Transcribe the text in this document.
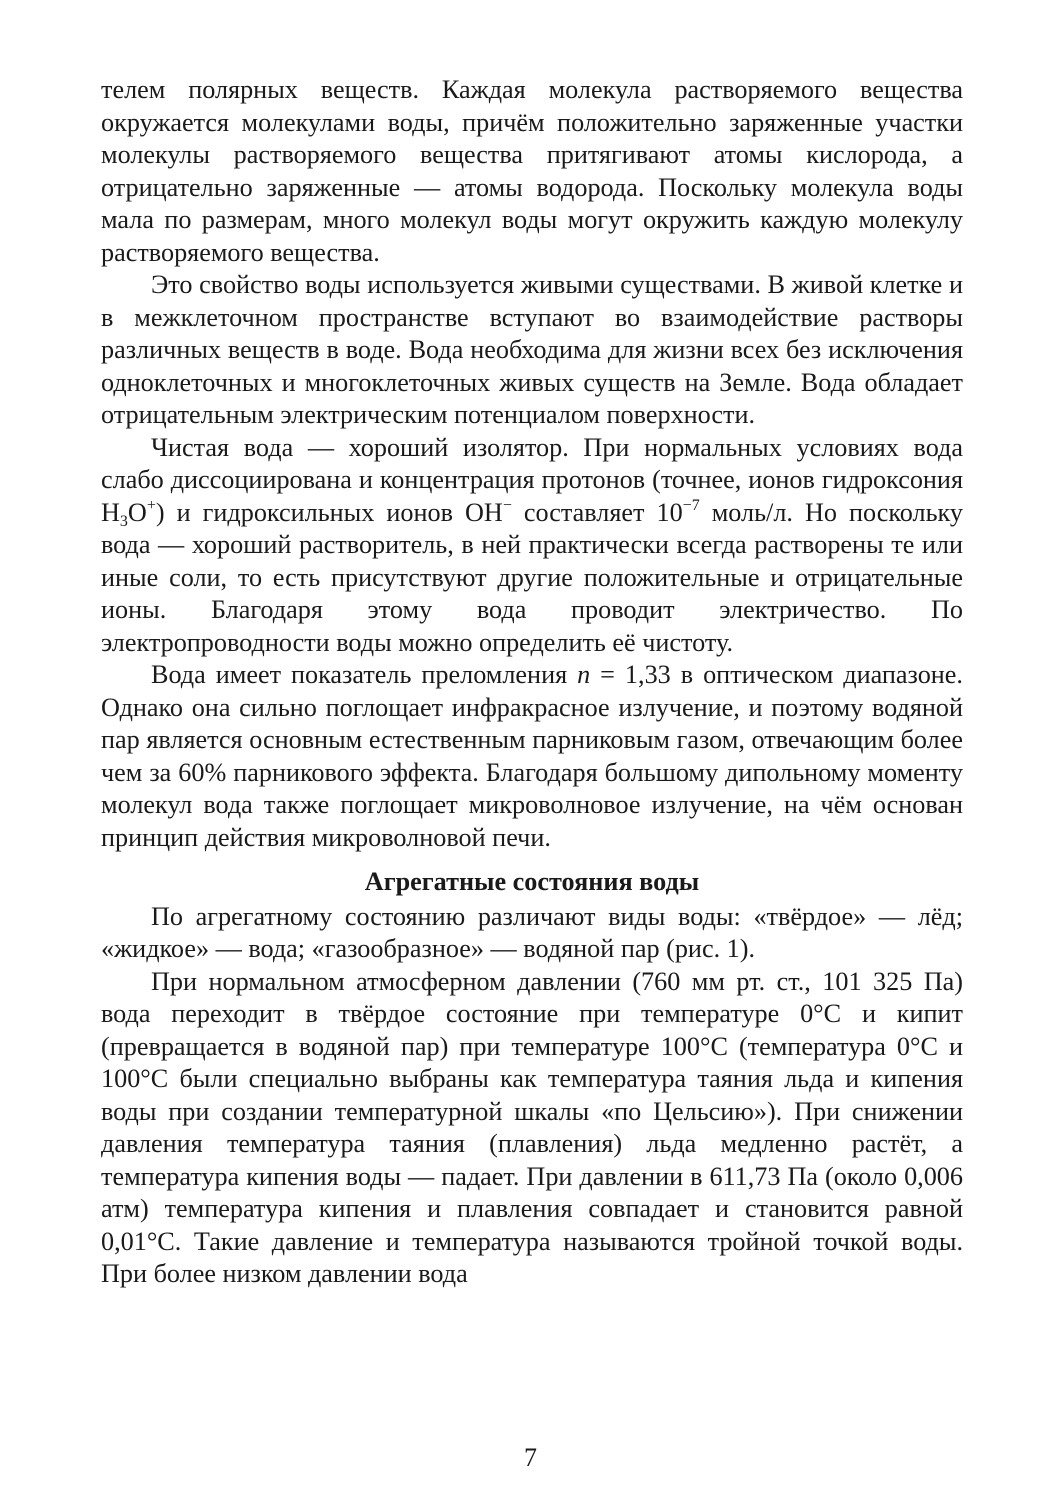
телем полярных веществ. Каждая молекула растворяемого вещества окружается молекулами воды, причём положительно заряженные участки молекулы растворяемого вещества притягивают атомы кислорода, а отрицательно заряженные — атомы водорода. Поскольку молекула воды мала по размерам, много молекул воды могут окружить каждую молекулу растворяемого вещества.

Это свойство воды используется живыми существами. В живой клетке и в межклеточном пространстве вступают во взаимодействие растворы различных веществ в воде. Вода необходима для жизни всех без исключения одноклеточных и многоклеточных живых существ на Земле. Вода обладает отрицательным электрическим потенциалом поверхности.

Чистая вода — хороший изолятор. При нормальных условиях вода слабо диссоциирована и концентрация протонов (точнее, ионов гидроксония $H_3O^+$) и гидроксильных ионов OH− составляет $10^{-7}$ моль/л. Но поскольку вода — хороший растворитель, в ней практически всегда растворены те или иные соли, то есть присутствуют другие положительные и отрицательные ионы. Благодаря этому вода проводит электричество. По электропроводности воды можно определить её чистоту.

Вода имеет показатель преломления n = 1,33 в оптическом диапазоне. Однако она сильно поглощает инфракрасное излучение, и поэтому водяной пар является основным естественным парниковым газом, отвечающим более чем за 60% парникового эффекта. Благодаря большому дипольному моменту молекул вода также поглощает микроволновое излучение, на чём основан принцип действия микроволновой печи.

Агрегатные состояния воды

По агрегатному состоянию различают виды воды: «твёрдое» — лёд; «жидкое» — вода; «газообразное» — водяной пар (рис. 1).

При нормальном атмосферном давлении (760 мм рт. ст., 101 325 Па) вода переходит в твёрдое состояние при температуре 0°C и кипит (превращается в водяной пар) при температуре 100°C (температура 0°C и 100°C были специально выбраны как температура таяния льда и кипения воды при создании температурной шкалы «по Цельсию»). При снижении давления температура таяния (плавления) льда медленно растёт, а температура кипения воды — падает. При давлении в 611,73 Па (около 0,006 атм) температура кипения и плавления совпадает и становится равной 0,01°C. Такие давление и температура называются тройной точкой воды. При более низком давлении вода

7
